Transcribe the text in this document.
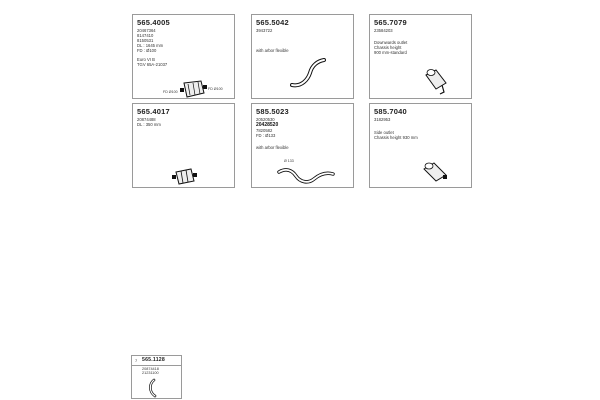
565.4005
20467364
8147410
8150531
DL : 1645 mm
FD : Ø100
Euro VI B
TGV 65A-21037
FD Ø100
FD Ø100
565.5042
3943722
with arbor flexible
565.7079
23584203
Downwards outlet
Chassis height
900 mm-standard
565.4017
20874488
DL : 350 mm
585.5023
20520530
20428520
7820582
FD : Ø133
with arbor flexible
Ø 133
585.7040
3182953
Side outlet
Chassis height 930 mm
7 565.1128
20874418
21231100
